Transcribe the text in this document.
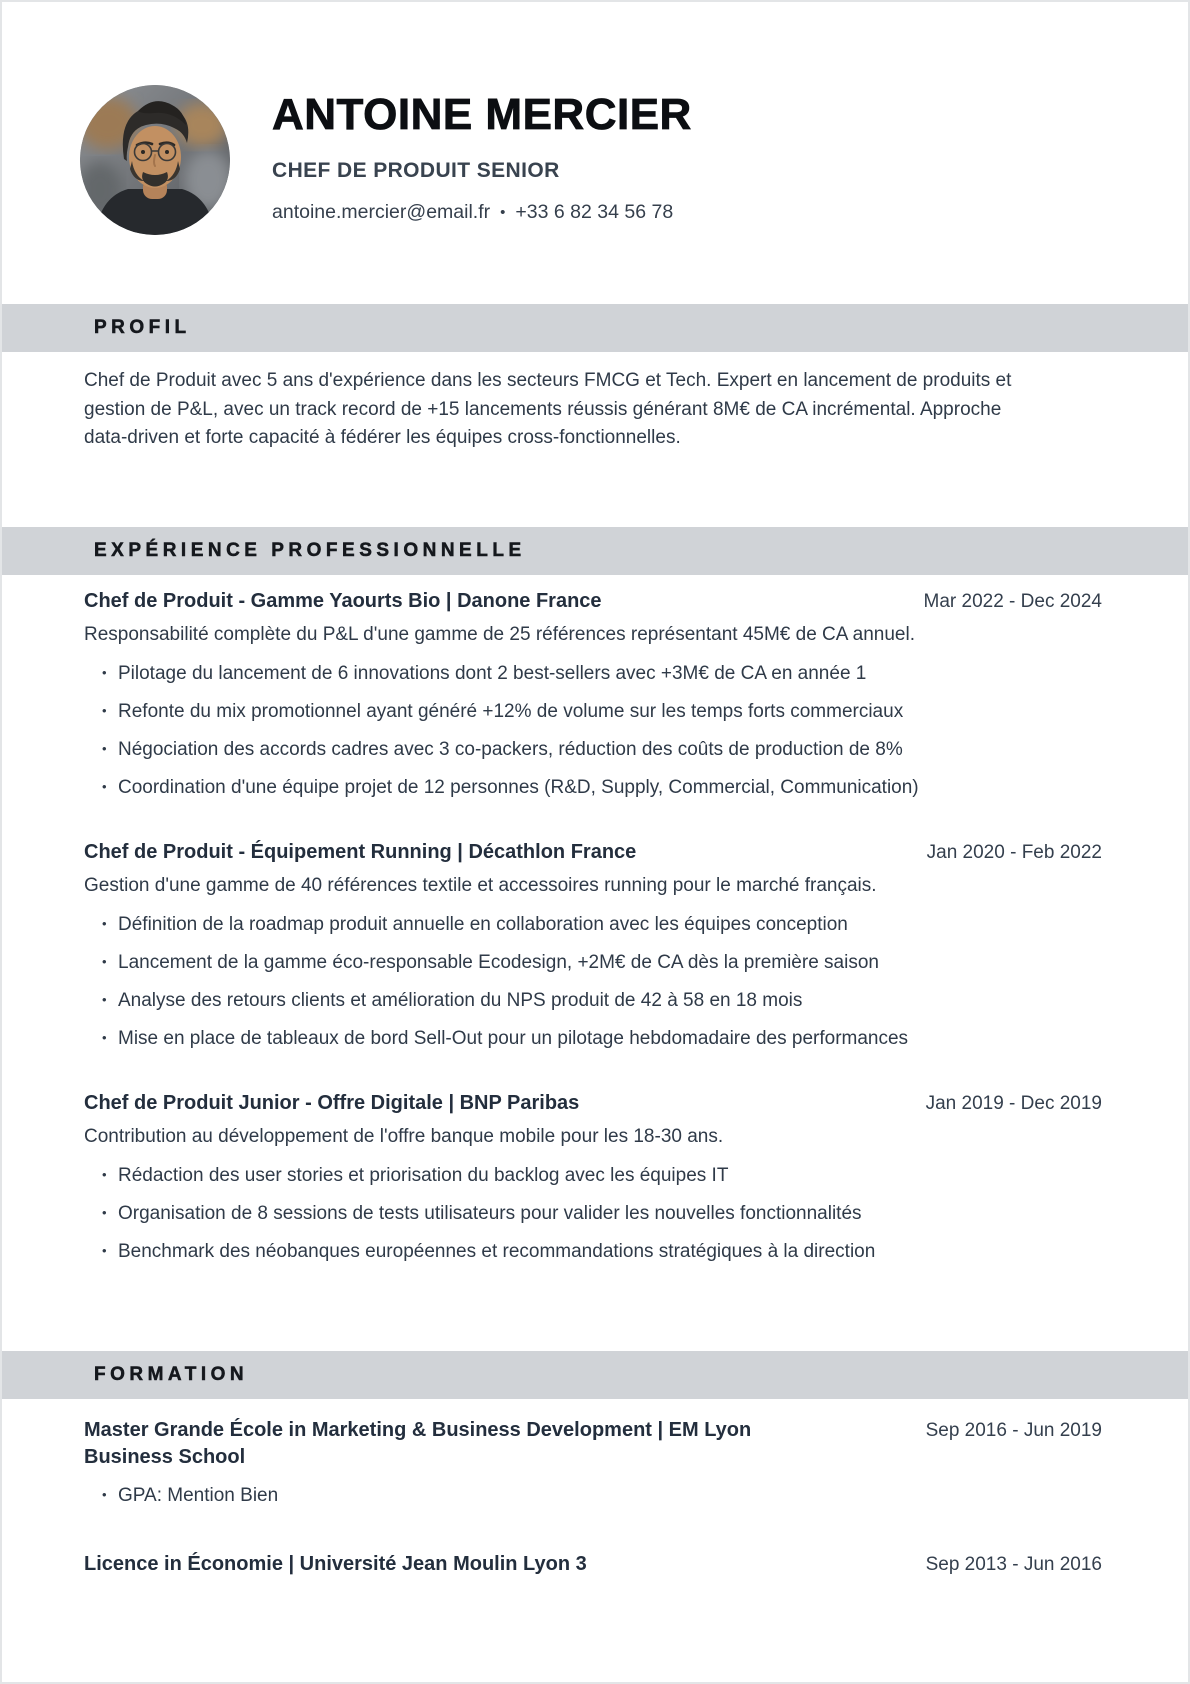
ANTOINE MERCIER
CHEF DE PRODUIT SENIOR
antoine.mercier@email.fr • +33 6 82 34 56 78
PROFIL

Chef de Produit avec 5 ans d'expérience dans les secteurs FMCG et Tech. Expert en lancement de produits et gestion de P&L, avec un track record de +15 lancements réussis générant 8M€ de CA incrémental. Approche data-driven et forte capacité à fédérer les équipes cross-fonctionnelles.

EXPÉRIENCE PROFESSIONNELLE
Chef de Produit - Gamme Yaourts Bio | Danone France	Mar 2022 - Dec 2024

Responsabilité complète du P&L d'une gamme de 25 références représentant 45M€ de CA annuel.

• Pilotage du lancement de 6 innovations dont 2 best-sellers avec +3M€ de CA en année 1
• Refonte du mix promotionnel ayant généré +12% de volume sur les temps forts commerciaux
• Négociation des accords cadres avec 3 co-packers, réduction des coûts de production de 8%
• Coordination d'une équipe projet de 12 personnes (R&D, Supply, Commercial, Communication)
Chef de Produit - Équipement Running | Décathlon France	Jan 2020 - Feb 2022

Gestion d'une gamme de 40 références textile et accessoires running pour le marché français.

• Définition de la roadmap produit annuelle en collaboration avec les équipes conception
• Lancement de la gamme éco-responsable Ecodesign, +2M€ de CA dès la première saison
• Analyse des retours clients et amélioration du NPS produit de 42 à 58 en 18 mois
• Mise en place de tableaux de bord Sell-Out pour un pilotage hebdomadaire des performances
Chef de Produit Junior - Offre Digitale | BNP Paribas	Jan 2019 - Dec 2019

Contribution au développement de l'offre banque mobile pour les 18-30 ans.

• Rédaction des user stories et priorisation du backlog avec les équipes IT
• Organisation de 8 sessions de tests utilisateurs pour valider les nouvelles fonctionnalités
• Benchmark des néobanques européennes et recommandations stratégiques à la direction
FORMATION
Master Grande École in Marketing & Business Development | EM Lyon Business School
Sep 2016 - Jun 2019
• GPA: Mention Bien
Licence in Économie | Université Jean Moulin Lyon 3	Sep 2013 - Jun 2016
